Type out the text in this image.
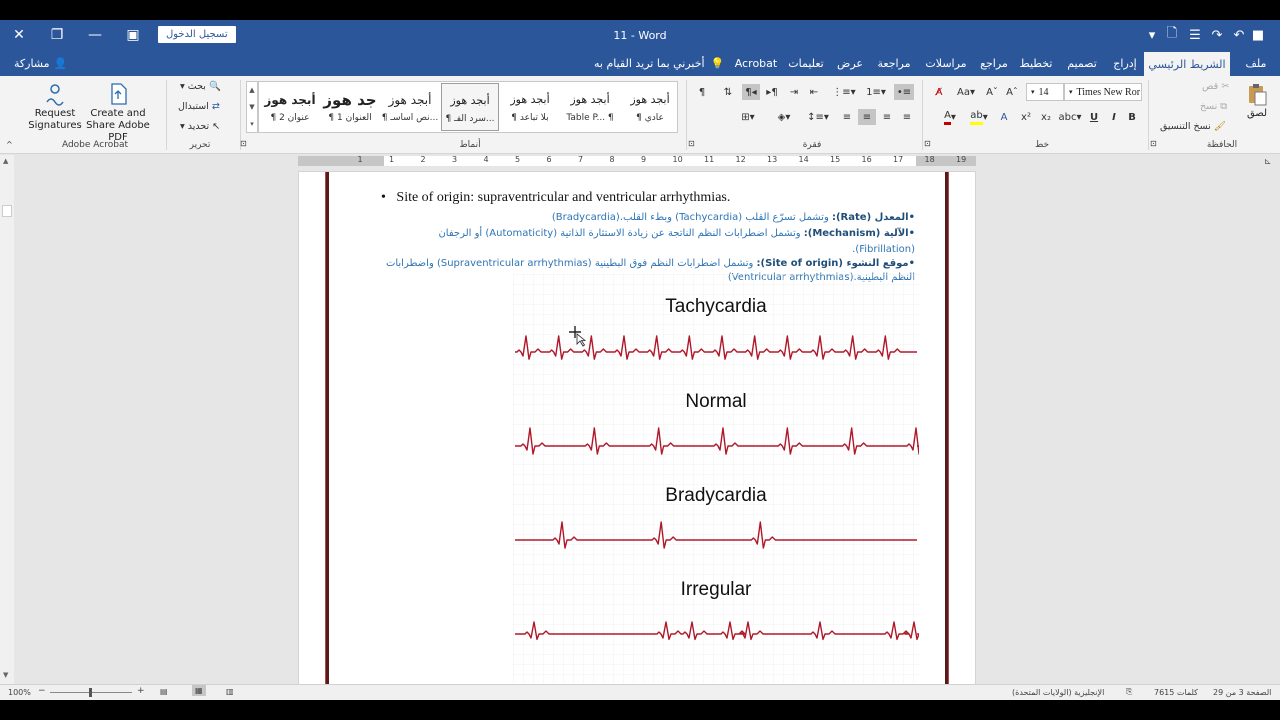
✕	❐	—	▣	تسجيل الدخول	11 - Word	▾ 🗋 ☰ ↷ ↶ ■
مشاركة 👤	أخبرني بما تريد القيام به 💡 Acrobat	تعليمات	عرض	مراجعة	مراسلات	مراجع	تخطيط	تصميم	إدراج	الشريط الرئيسي	ملف
Request
Signatures
Create and
Share Adobe PDF
Adobe Acrobat
▾ بحث 🔍
استبدال ⇄
▾ تحديد ↖
تحرير	⊡
▲
▼
▾
أبجد هوز
¶ عنوان 2
جد هوز
¶ العنوان 1
أبجد هوز
¶ نص أساسـ...
أبجد هوز
¶ سرد الفـ...
أبجد هوز
¶ بلا تباعد
أبجد هوز
Table P... ¶
أبجد هوز
¶ عادي
أنماط	⊡
¶	⇅	¶◂ ▸¶	⇥	⇤	⋮≡▾	1≡▾	•≡
⊞▾	◈▾	↕≡▾	≡	≡	≡	≡
فقرة	⊡
A̸	Aa▾	Aˇ Aˆ ▾ 14	▾ Times New Ror
A ▾	ab ▾	A	x²	x₂ abc▾ U	I	B
خط	⊡
قص ✂
نسخ ⧉
نسخ التنسيق 🖌
لصق
الحافظة
^
▲
▼
19
18
17
16
15
14
13
12
11
10
9
8
7
6
5
4
3
2
1
1	⊾
•   Site of origin: supraventricular and ventricular arrhythmias.
•المعدل (Rate): وتشمل تسرّع القلب (Tachycardia) وبطء القلب.(Bradycardia)
•الآلية (Mechanism): وتشمل اضطرابات النظم الناتجة عن زيادة الاستثارة الذاتية (Automaticity) أو الرجفان
(Fibrillation).
•موقع النشوء (Site of origin): وتشمل اضطرابات النظم فوق البطينية (Supraventricular arrhythmias) واضطرابات
Tachycardia
Normal
Bradycardia
Irregular
100% −	+ ▤	▦	▥	الإنجليزية (الولايات المتحدة)	⎘	7615 كلمات الصفحة 3 من 29
